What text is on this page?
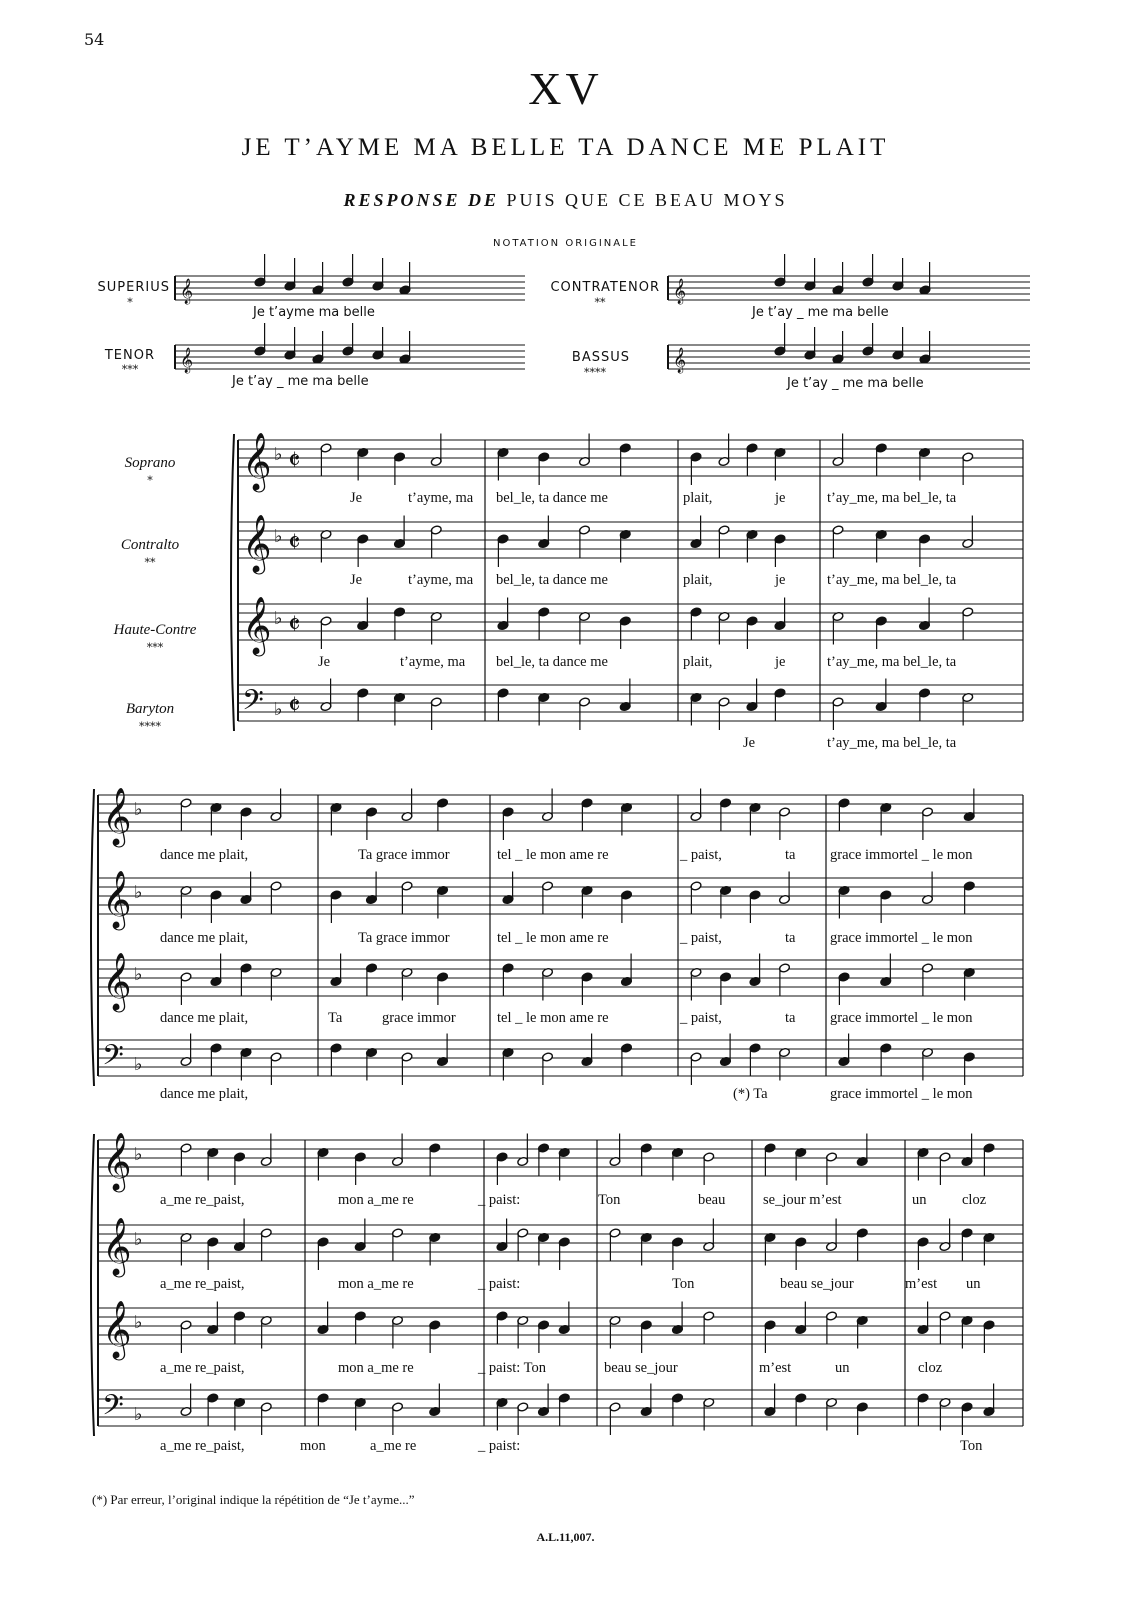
54
XV
JE T’AYME MA BELLE TA DANCE ME PLAIT
RESPONSE DE PUIS QUE CE BEAU MOYS
NOTATION ORIGINALE
SUPERIUS
*
CONTRATENOR
**
TENOR
***
BASSUS
****
Je t’ayme ma belle	Je t’ay _ me ma belle
Je t’ay _ me ma belle	Je t’ay _ me ma belle
Soprano
*
Contralto
**
Haute-Contre
***
Baryton
****
𝄞	𝄞
𝄞	𝄞
𝄞 ♭ 𝄵
𝄞 ♭ 𝄵
𝄞 ♭ 𝄵
𝄢 ♭ 𝄵
𝄞 ♭
𝄞 ♭
𝄞 ♭
𝄢 ♭
𝄞 ♭
𝄞 ♭
𝄞 ♭
𝄢 ♭
Je	t’ayme, ma bel_le, ta dance me	plait,	je	t’ay_me, ma bel_le, ta
Je	t’ayme, ma bel_le, ta dance me	plait,	je	t’ay_me, ma bel_le, ta
Je	t’ayme, ma bel_le, ta dance me	plait,	je	t’ay_me, ma bel_le, ta
Je	t’ay_me, ma bel_le, ta
dance me plait,	Ta grace immor	tel _ le mon ame re	_ paist,	ta grace immortel _ le mon
dance me plait,	Ta grace immor	tel _ le mon ame re	_ paist,	ta grace immortel _ le mon
dance me plait,	Ta	grace immor	tel _ le mon ame re	_ paist,	ta grace immortel _ le mon
dance me plait,	(*) Ta	grace immortel _ le mon
a_me re_paist,	mon a_me re	_ paist:	Ton	beau	se_jour m’est	un cloz
a_me re_paist,	mon a_me re	_ paist:	Ton	beau se_jour	m’est un
a_me re_paist,	mon a_me re	_ paist: Ton	beau se_jour	m’est	un	cloz
a_me re_paist,	mon	a_me re	_ paist:	Ton
(*) Par erreur, l’original indique la répétition de “Je t’ayme...”
A.L.11,007.
